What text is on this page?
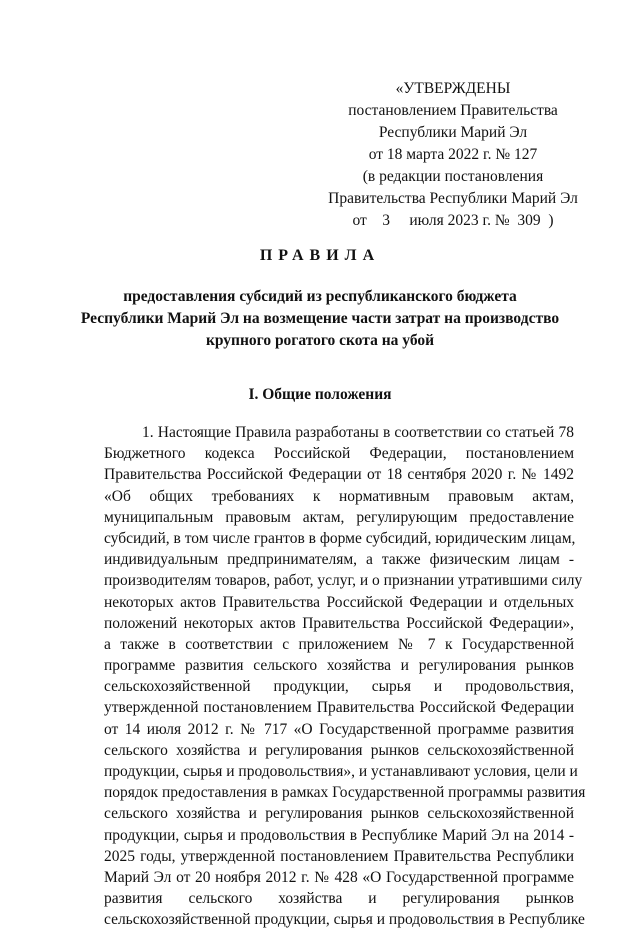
«УТВЕРЖДЕНЫ
постановлением Правительства
Республики Марий Эл
от 18 марта 2022 г. № 127
(в редакции постановления
Правительства Республики Марий Эл
от    3     июля 2023 г. №  309  )
ПРАВИЛА
предоставления субсидий из республиканского бюджета
Республики Марий Эл на возмещение части затрат на производство
крупного рогатого скота на убой
I. Общие положения
1. Настоящие Правила разработаны в соответствии со статьей 78
Бюджетного кодекса Российской Федерации, постановлением
Правительства Российской Федерации от 18 сентября 2020 г. № 1492
«Об общих требованиях к нормативным правовым актам,
муниципальным правовым актам, регулирующим предоставление
субсидий, в том числе грантов в форме субсидий, юридическим лицам,
индивидуальным предпринимателям, а также физическим лицам -
производителям товаров, работ, услуг, и о признании утратившими силу
некоторых актов Правительства Российской Федерации и отдельных
положений некоторых актов Правительства Российской Федерации»,
а также в соответствии с приложением № 7 к Государственной
программе развития сельского хозяйства и регулирования рынков
сельскохозяйственной продукции, сырья и продовольствия,
утвержденной постановлением Правительства Российской Федерации
от 14 июля 2012 г. № 717 «О Государственной программе развития
сельского хозяйства и регулирования рынков сельскохозяйственной
продукции, сырья и продовольствия», и устанавливают условия, цели и
порядок предоставления в рамках Государственной программы развития
сельского хозяйства и регулирования рынков сельскохозяйственной
продукции, сырья и продовольствия в Республике Марий Эл на 2014 -
2025 годы, утвержденной постановлением Правительства Республики
Марий Эл от 20 ноября 2012 г. № 428 «О Государственной программе
развития сельского хозяйства и регулирования рынков
сельскохозяйственной продукции, сырья и продовольствия в Республике
